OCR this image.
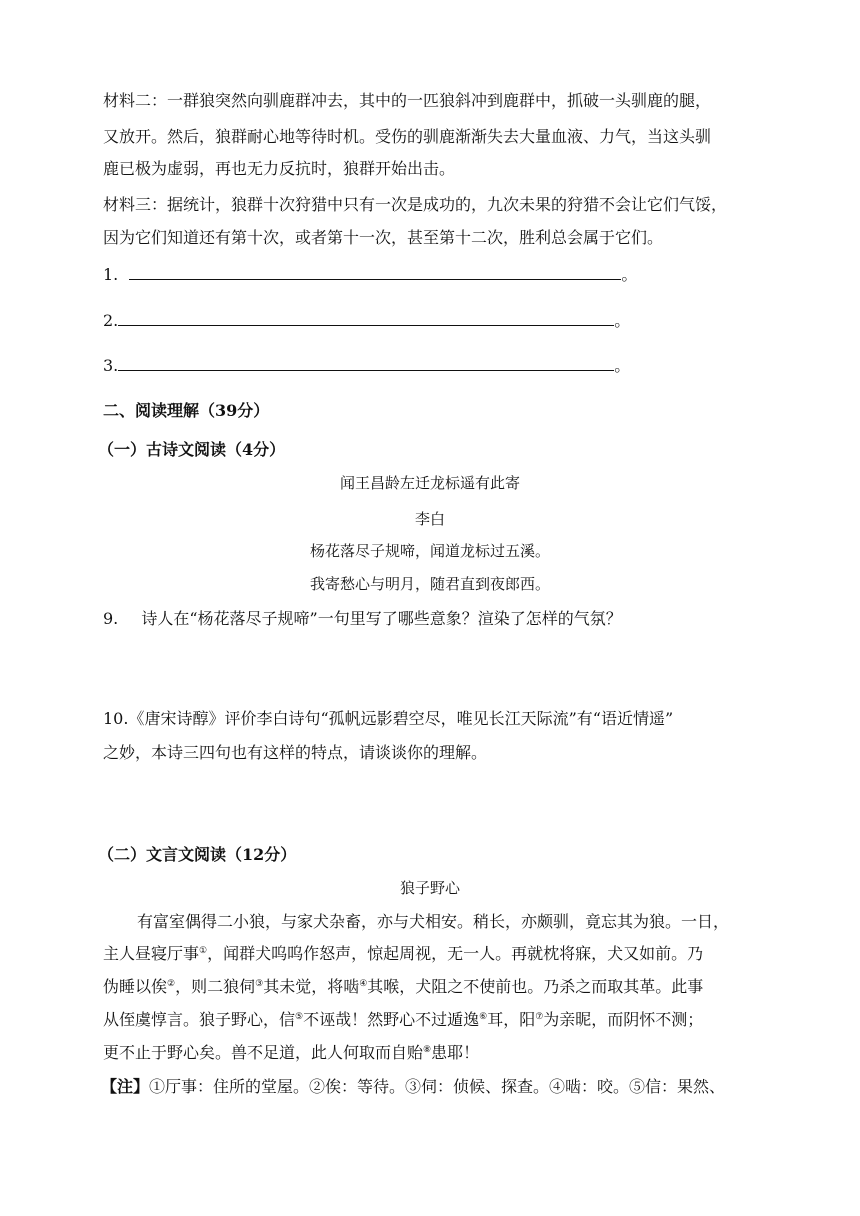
材料二：一群狼突然向驯鹿群冲去，其中的一匹狼斜冲到鹿群中，抓破一头驯鹿的腿，
又放开。然后，狼群耐心地等待时机。受伤的驯鹿渐渐失去大量血液、力气，当这头驯
鹿已极为虚弱，再也无力反抗时，狼群开始出击。
材料三：据统计，狼群十次狩猎中只有一次是成功的，九次未果的狩猎不会让它们气馁，
因为它们知道还有第十次，或者第十一次，甚至第十二次，胜利总会属于它们。
1.	。
2.	。
3.	。
二、阅读理解（39分）
（一）古诗文阅读（4分）
闻王昌龄左迁龙标遥有此寄
李白
杨花落尽子规啼，闻道龙标过五溪。
我寄愁心与明月，随君直到夜郎西。
9. 诗人在“杨花落尽子规啼”一句里写了哪些意象？渲染了怎样的气氛？
10.《唐宋诗醇》评价李白诗句“孤帆远影碧空尽，唯见长江天际流”有“语近情遥”
之妙，本诗三四句也有这样的特点，请谈谈你的理解。
（二）文言文阅读（12分）
狼子野心
有富室偶得二小狼，与家犬杂畜，亦与犬相安。稍长，亦颇驯，竟忘其为狼。一日，
主人昼寝厅事①，闻群犬呜呜作怒声，惊起周视，无一人。再就枕将寐，犬又如前。乃
伪睡以俟②，则二狼伺③其未觉，将啮④其喉，犬阻之不使前也。乃杀之而取其革。此事
从侄虞惇言。狼子野心，信⑤不诬哉！然野心不过遁逸⑥耳，阳⑦为亲昵，而阴怀不测；
更不止于野心矣。兽不足道，此人何取而自贻⑧患耶！
【注】①厅事：住所的堂屋。②俟：等待。③伺：侦候、探查。④啮：咬。⑤信：果然、
